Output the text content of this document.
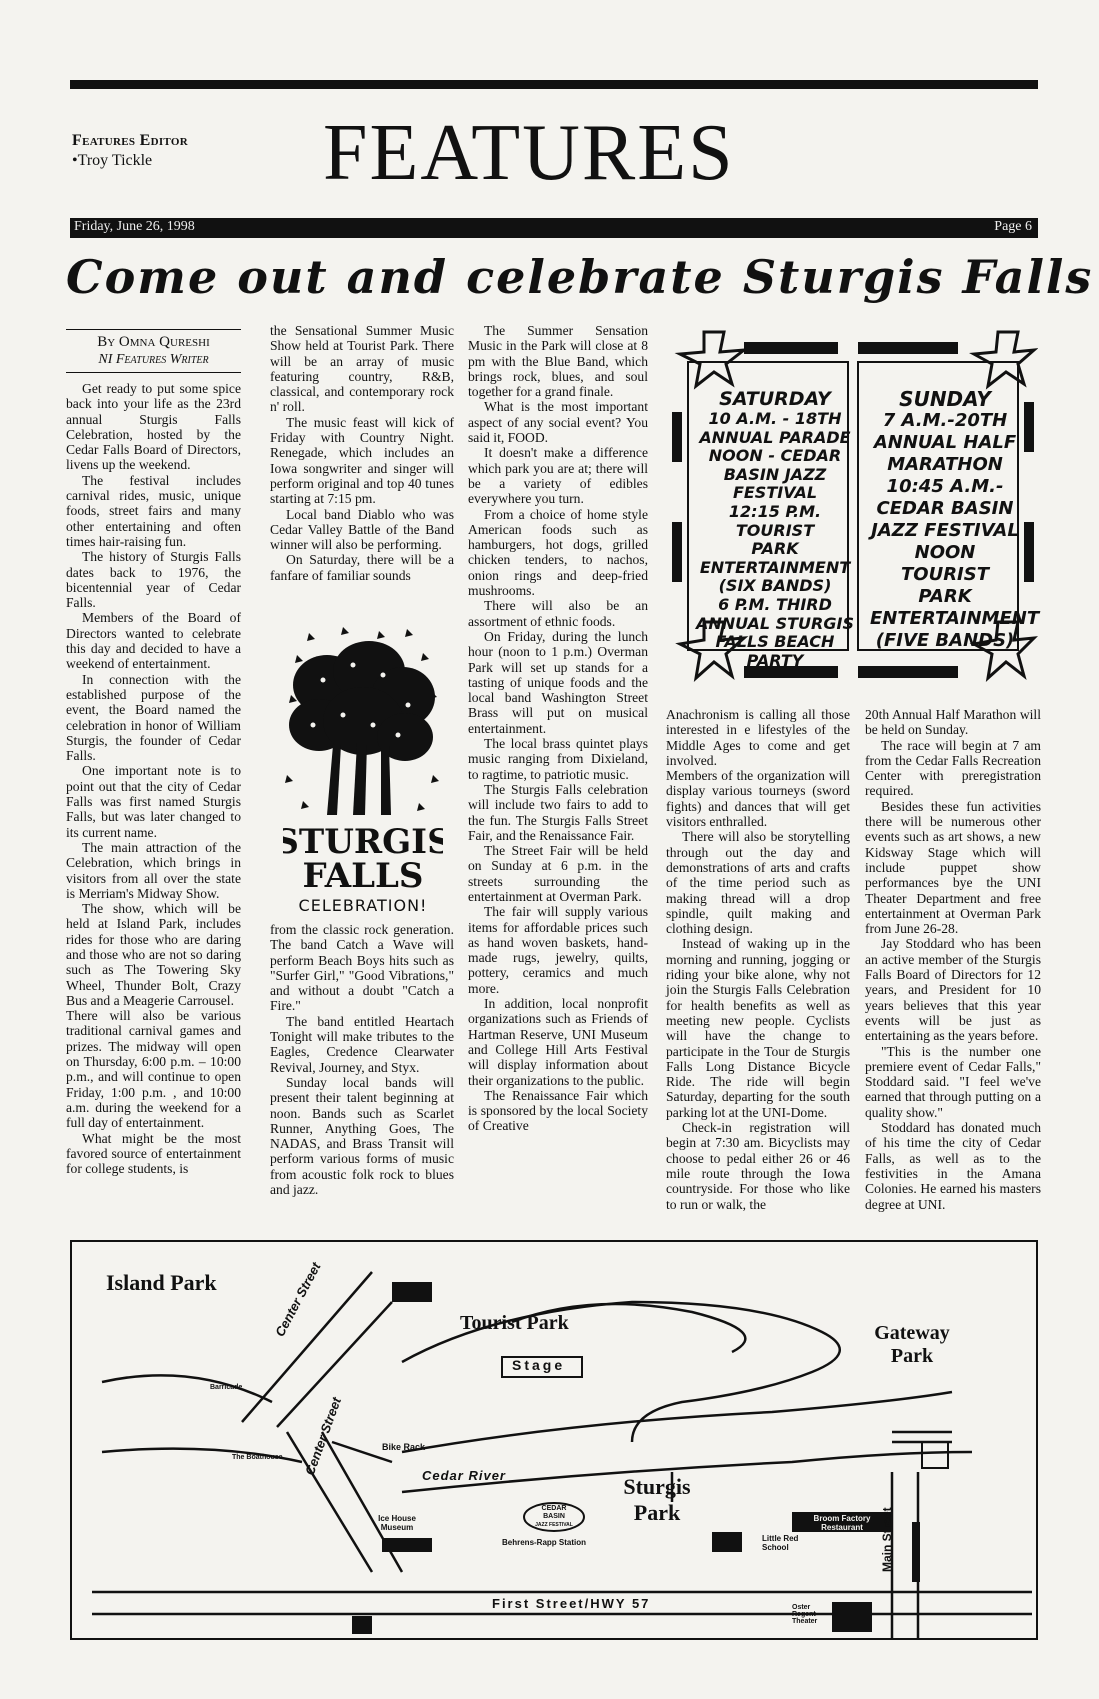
Features Editor
•Troy Tickle	FEATURES
Friday, June 26, 1998	Page 6
Come out and celebrate Sturgis Falls
By Omna Qureshi
NI Features Writer

Get ready to put some spice back into your life as the 23rd annual Sturgis Falls Celebration, hosted by the Cedar Falls Board of Directors, livens up the weekend.

The festival includes carnival rides, music, unique foods, street fairs and many other entertaining and often times hair-raising fun.

The history of Sturgis Falls dates back to 1976, the bicentennial year of Cedar Falls.

Members of the Board of Directors wanted to celebrate this day and decided to have a weekend of entertainment.

In connection with the established purpose of the event, the Board named the celebration in honor of William Sturgis, the founder of Cedar Falls.

One important note is to point out that the city of Cedar Falls was first named Sturgis Falls, but was later changed to its current name.

The main attraction of the Celebration, which brings in visitors from all over the state is Merriam's Midway Show.

The show, which will be held at Island Park, includes rides for those who are daring and those who are not so daring such as The Towering Sky Wheel, Thunder Bolt, Crazy Bus and a Meagerie Carrousel.

There will also be various traditional carnival games and prizes. The midway will open on Thursday, 6:00 p.m. – 10:00 p.m., and will continue to open Friday, 1:00 p.m. , and 10:00 a.m. during the weekend for a full day of entertainment.

What might be the most favored source of entertainment for college students, is

the Sensational Summer Music Show held at Tourist Park. There will be an array of music featuring country, R&B, classical, and contemporary rock n' roll.

The music feast will kick of Friday with Country Night. Renegade, which includes an Iowa songwriter and singer will perform original and top 40 tunes starting at 7:15 pm.

Local band Diablo who was Cedar Valley Battle of the Band winner will also be performing.

On Saturday, there will be a fanfare of familiar sounds

STURGIS
FALLS
CELEBRATION!

from the classic rock generation. The band Catch a Wave will perform Beach Boys hits such as "Surfer Girl," "Good Vibrations," and without a doubt "Catch a Fire."

The band entitled Heartach Tonight will make tributes to the Eagles, Credence Clearwater Revival, Journey, and Styx.

Sunday local bands will present their talent beginning at noon. Bands such as Scarlet Runner, Anything Goes, The NADAS, and Brass Transit will perform various forms of music from acoustic folk rock to blues and jazz.

The Summer Sensation Music in the Park will close at 8 pm with the Blue Band, which brings rock, blues, and soul together for a grand finale.

What is the most important aspect of any social event? You said it, FOOD.

It doesn't make a difference which park you are at; there will be a variety of edibles everywhere you turn.

From a choice of home style American foods such as hamburgers, hot dogs, grilled chicken tenders, to nachos, onion rings and deep-fried mushrooms.

There will also be an assortment of ethnic foods.

On Friday, during the lunch hour (noon to 1 p.m.) Overman Park will set up stands for a tasting of unique foods and the local band Washington Street Brass will put on musical entertainment.

The local brass quintet plays music ranging from Dixieland, to ragtime, to patriotic music.

The Sturgis Falls celebration will include two fairs to add to the fun. The Sturgis Falls Street Fair, and the Renaissance Fair.

The Street Fair will be held on Sunday at 6 p.m. in the streets surrounding the entertainment at Overman Park.

The fair will supply various items for affordable prices such as hand woven baskets, hand-made rugs, jewelry, quilts, pottery, ceramics and much more.

In addition, local nonprofit organizations such as Friends of Hartman Reserve, UNI Museum and College Hill Arts Festival will display information about their organizations to the public.

The Renaissance Fair which is sponsored by the local Society of Creative

SATURDAY
10 A.M. - 18TH
ANNUAL PARADE
NOON - CEDAR
BASIN JAZZ
FESTIVAL
12:15 P.M. TOURIST
PARK
ENTERTAINMENT
(SIX BANDS)
6 P.M. THIRD
ANNUAL STURGIS
FALLS BEACH PARTY
SUNDAY
7 A.M.-20TH
ANNUAL HALF
MARATHON
10:45 A.M.-
CEDAR BASIN
JAZZ FESTIVAL
NOON TOURIST
PARK
ENTERTAINMENT
(FIVE BANDS)

Anachronism is calling all those interested in e lifestyles of the Middle Ages to come and get involved.

Members of the organization will display various tourneys (sword fights) and dances that will get visitors enthralled.

There will also be storytelling through out the day and demonstrations of arts and crafts of the time period such as making thread will a drop spindle, quilt making and clothing design.

Instead of waking up in the morning and running, jogging or riding your bike alone, why not join the Sturgis Falls Celebration for health benefits as well as meeting new people. Cyclists will have the change to participate in the Tour de Sturgis Falls Long Distance Bicycle Ride. The ride will begin Saturday, departing for the south parking lot at the UNI-Dome.

Check-in registration will begin at 7:30 am. Bicyclists may choose to pedal either 26 or 46 mile route through the Iowa countryside. For those who like to run or walk, the

20th Annual Half Marathon will be held on Sunday.

The race will begin at 7 am from the Cedar Falls Recreation Center with preregistration required.

Besides these fun activities there will be numerous other events such as art shows, a new Kidsway Stage which will include puppet show performances bye the UNI Theater Department and free entertainment at Overman Park from June 26-28.

Jay Stoddard who has been an active member of the Sturgis Falls Board of Directors for 12 years, and President for 10 years believes that this year events will be just as entertaining as the years before.

"This is the number one premiere event of Cedar Falls," Stoddard said. "I feel we've earned that through putting on a quality show."

Stoddard has donated much of his time the city of Cedar Falls, as well as to the festivities in the Amana Colonies. He earned his masters degree at UNI.

Island Park
Tourist Park	Gateway
Park
Sturgis
Park
Stage
Cedar River
Bike Rack
Center Street
Center Street
First Street/HWY 57
Main Street
Barricade
The Boathouse
Ice House Museum
Behrens-Rapp Station
Broom Factory Restaurant
Little Red School
Oster Regent Theater
CEDAR
BASIN
JAZZ FESTIVAL
